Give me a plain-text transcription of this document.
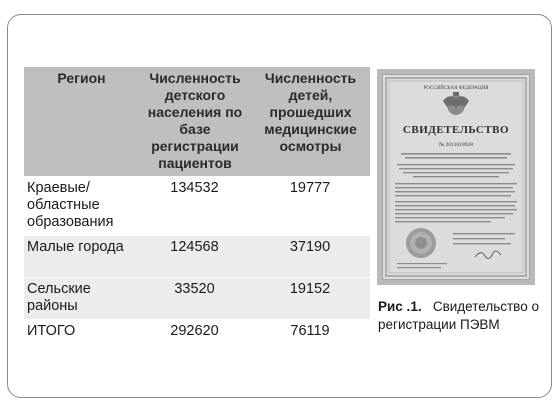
Регион	Численность детского населения по базе регистрации пациентов	Численность детей, прошедших медицинские осмотры
Краевые/ областные образования	134532	19777
Малые города	124568	37190
Сельские районы	33520	19152
ИТОГО	292620	76119
РОССИЙСКАЯ ФЕДЕРАЦИЯ
СВИДЕТЕЛЬСТВО
№ 2011618928
Рис .1. Свидетельство о регистрации ПЭВМ
